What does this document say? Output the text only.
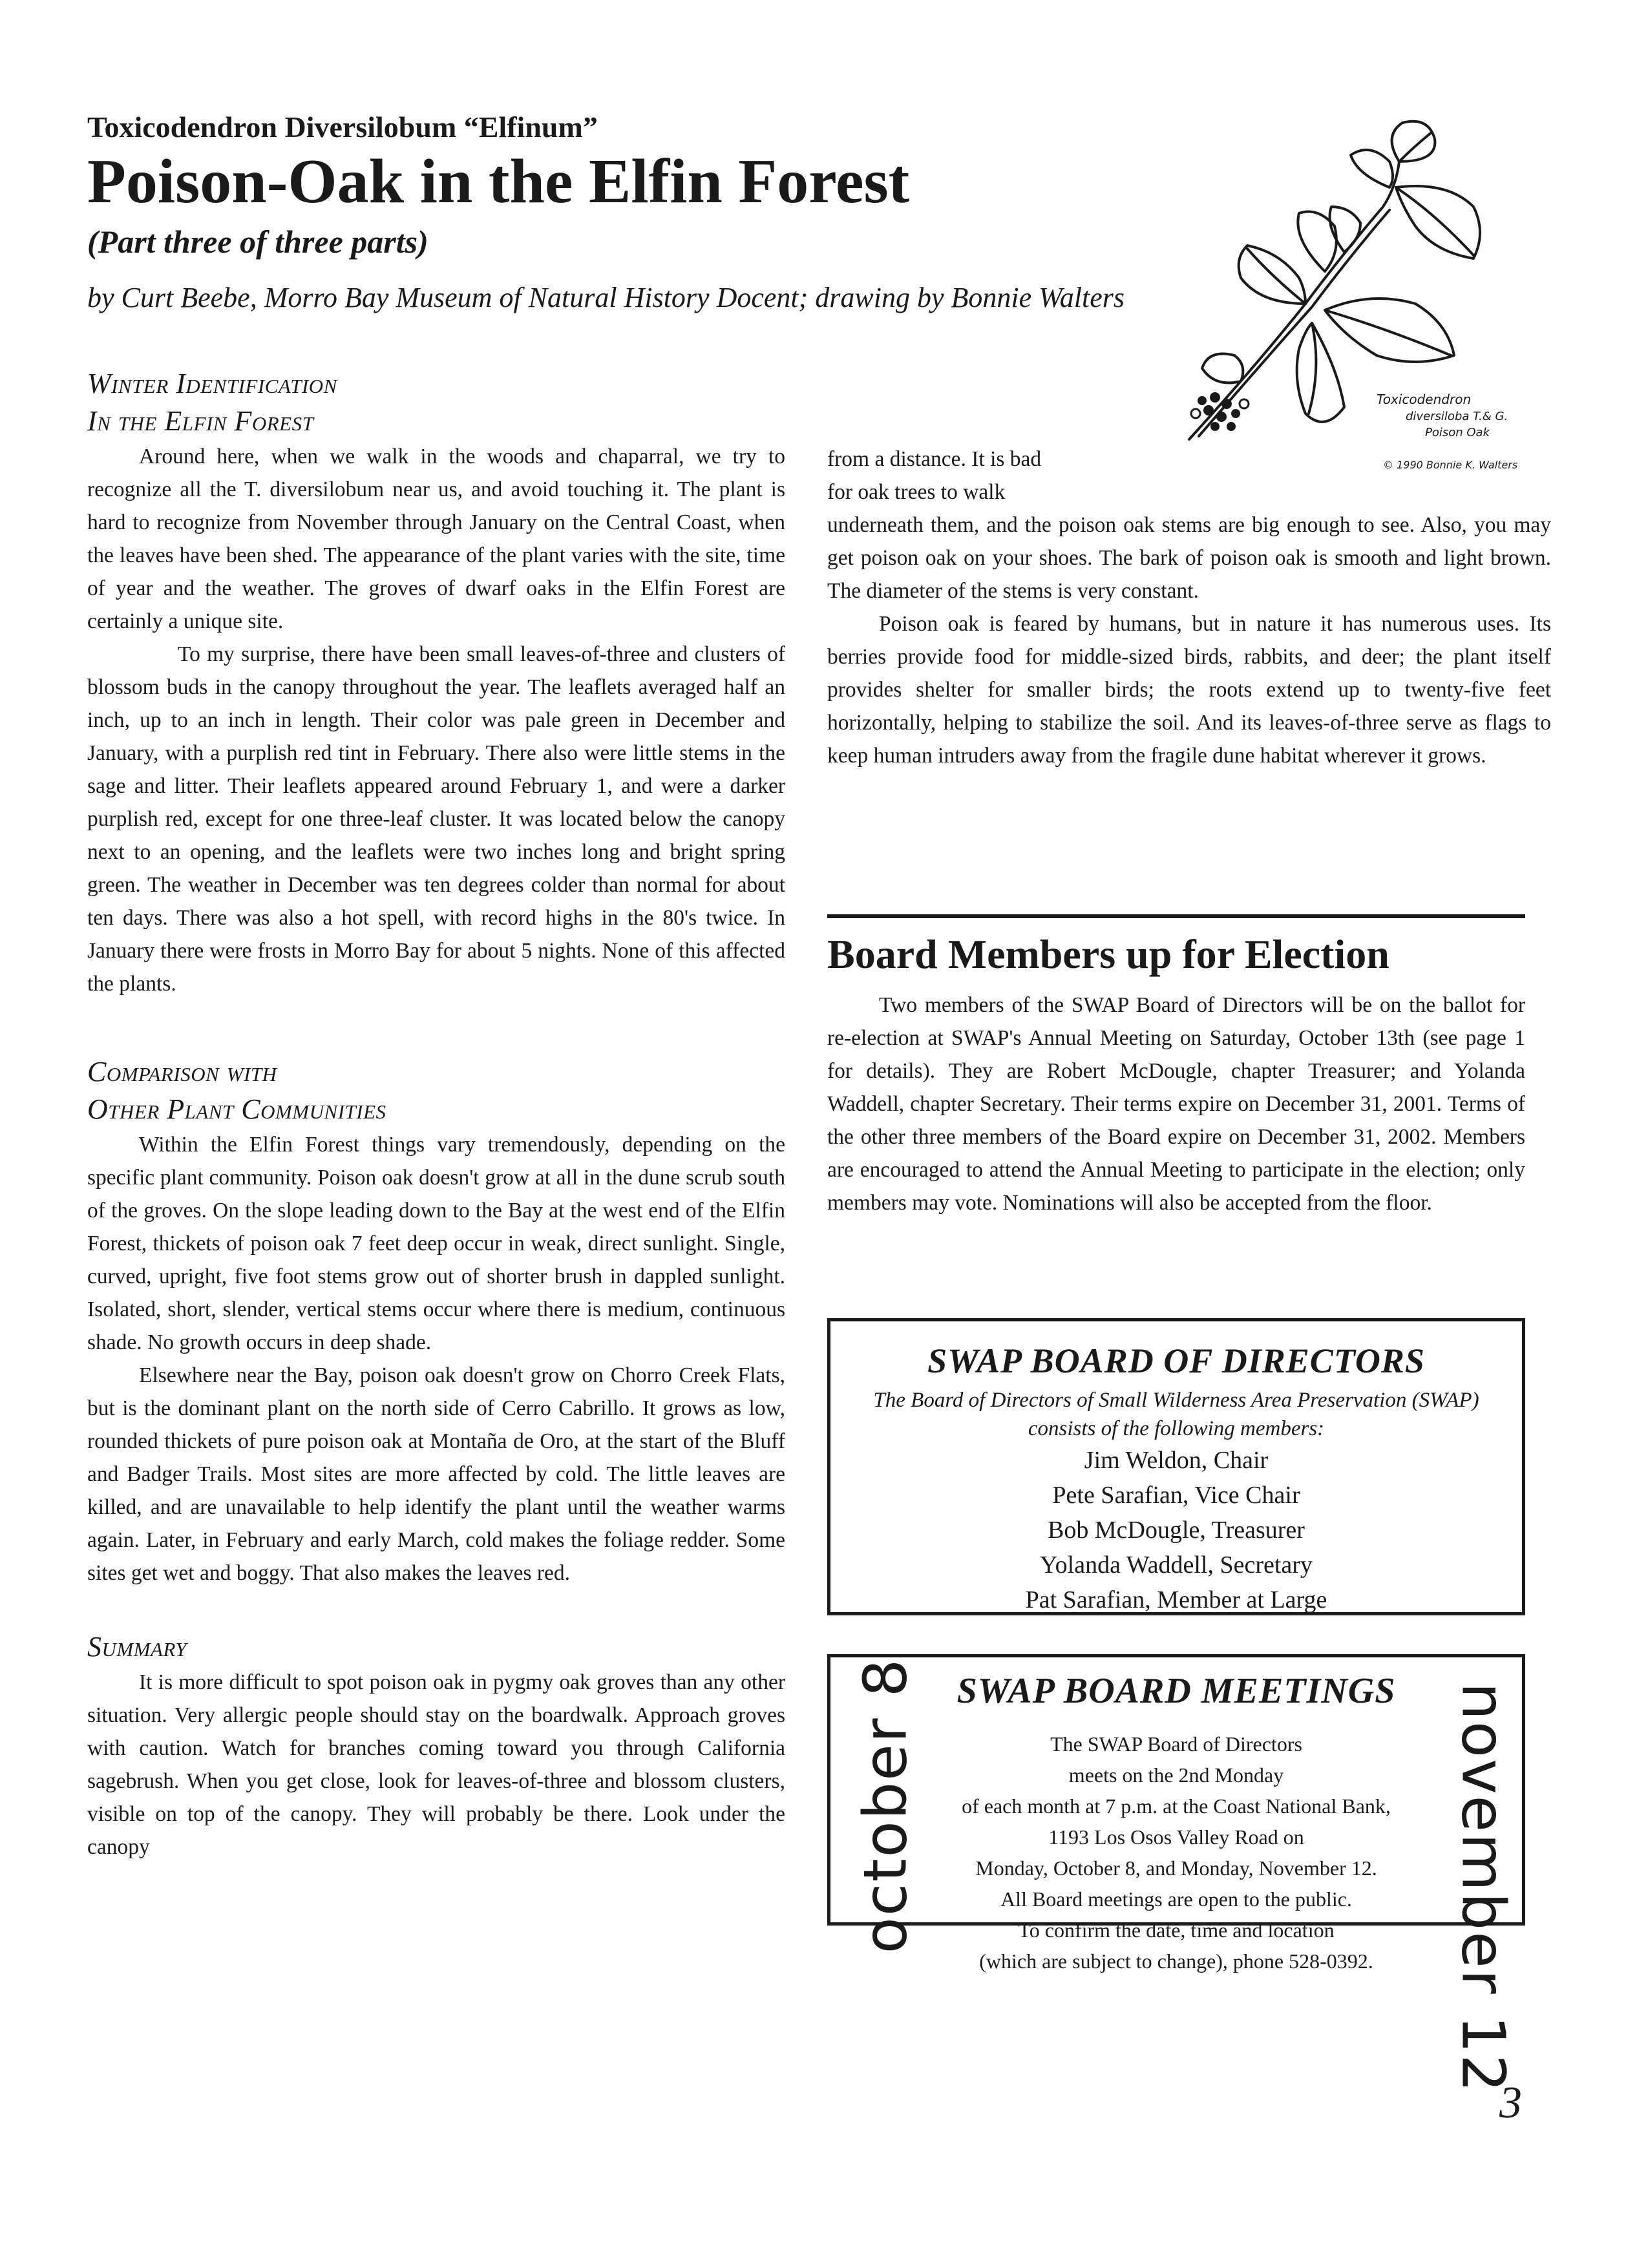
Toxicodendron Diversilobum “Elfinum”
Poison-Oak in the Elfin Forest
(Part three of three parts)
by Curt Beebe, Morro Bay Museum of Natural History Docent; drawing by Bonnie Walters
Toxicodendron
diversiloba T.& G.
Poison Oak
© 1990 Bonnie K. Walters
Winter Identification
In the Elfin Forest

Around here, when we walk in the woods and chaparral, we try to recognize all the T. diversilobum near us, and avoid touching it. The plant is hard to recognize from November through January on the Central Coast, when the leaves have been shed. The appearance of the plant varies with the site, time of year and the weather. The groves of dwarf oaks in the Elfin Forest are certainly a unique site.

To my surprise, there have been small leaves-of-three and clusters of blossom buds in the canopy throughout the year. The leaflets averaged half an inch, up to an inch in length. Their color was pale green in December and January, with a purplish red tint in February. There also were little stems in the sage and litter. Their leaflets appeared around February 1, and were a darker purplish red, except for one three-leaf cluster. It was located below the canopy next to an opening, and the leaflets were two inches long and bright spring green. The weather in December was ten degrees colder than normal for about ten days. There was also a hot spell, with record highs in the 80's twice. In January there were frosts in Morro Bay for about 5 nights. None of this affected the plants.

Comparison with
Other Plant Communities

Within the Elfin Forest things vary tremendously, depending on the specific plant community. Poison oak doesn't grow at all in the dune scrub south of the groves. On the slope leading down to the Bay at the west end of the Elfin Forest, thickets of poison oak 7 feet deep occur in weak, direct sunlight. Single, curved, upright, five foot stems grow out of shorter brush in dappled sunlight. Isolated, short, slender, vertical stems occur where there is medium, continuous shade. No growth occurs in deep shade.

Elsewhere near the Bay, poison oak doesn't grow on Chorro Creek Flats, but is the dominant plant on the north side of Cerro Cabrillo. It grows as low, rounded thickets of pure poison oak at Montaña de Oro, at the start of the Bluff and Badger Trails. Most sites are more affected by cold. The little leaves are killed, and are unavailable to help identify the plant until the weather warms again. Later, in February and early March, cold makes the foliage redder. Some sites get wet and boggy. That also makes the leaves red.

Summary

It is more difficult to spot poison oak in pygmy oak groves than any other situation. Very allergic people should stay on the boardwalk. Approach groves with caution. Watch for branches coming toward you through California sagebrush. When you get close, look for leaves-of-three and blossom clusters, visible on top of the canopy. They will probably be there. Look under the canopy

from a distance. It is bad

for oak trees to walk

underneath them, and the poison oak stems are big enough to see. Also, you may get poison oak on your shoes. The bark of poison oak is smooth and light brown. The diameter of the stems is very constant.

Poison oak is feared by humans, but in nature it has numerous uses. Its berries provide food for middle-sized birds, rabbits, and deer; the plant itself provides shelter for smaller birds; the roots extend up to twenty-five feet horizontally, helping to stabilize the soil. And its leaves-of-three serve as flags to keep human intruders away from the fragile dune habitat wherever it grows.

Board Members up for Election

Two members of the SWAP Board of Directors will be on the ballot for re-election at SWAP's Annual Meeting on Saturday, October 13th (see page 1 for details). They are Robert McDougle, chapter Treasurer; and Yolanda Waddell, chapter Secretary. Their terms expire on December 31, 2001. Terms of the other three members of the Board expire on December 31, 2002. Members are encouraged to attend the Annual Meeting to participate in the election; only members may vote. Nominations will also be accepted from the floor.

SWAP BOARD OF DIRECTORS
The Board of Directors of Small Wilderness Area Preservation (SWAP)
consists of the following members:
Jim Weldon, Chair
Pete Sarafian, Vice Chair
Bob McDougle, Treasurer
Yolanda Waddell, Secretary
Pat Sarafian, Member at Large
SWAP BOARD MEETINGS
october 8	november 12
The SWAP Board of Directors
meets on the 2nd Monday
of each month at 7 p.m. at the Coast National Bank,
1193 Los Osos Valley Road on
Monday, October 8, and Monday, November 12.
All Board meetings are open to the public.
To confirm the date, time and location
(which are subject to change), phone 528-0392.
3
